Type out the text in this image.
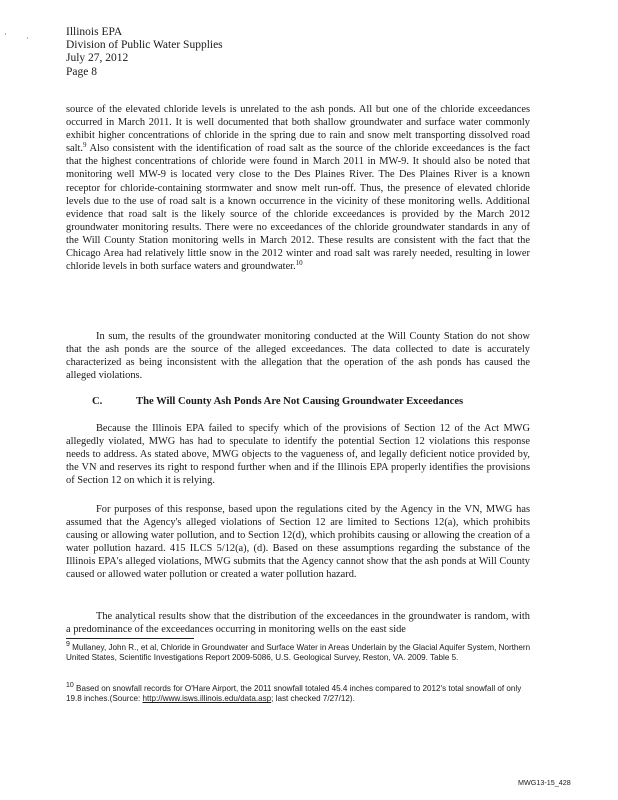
· ·
Illinois EPA
Division of Public Water Supplies
July 27, 2012
Page 8
source of the elevated chloride levels is unrelated to the ash ponds. All but one of the chloride exceedances occurred in March 2011. It is well documented that both shallow groundwater and surface water commonly exhibit higher concentrations of chloride in the spring due to rain and snow melt transporting dissolved road salt.$^9$ Also consistent with the identification of road salt as the source of the chloride exceedances is the fact that the highest concentrations of chloride were found in March 2011 in MW-9. It should also be noted that monitoring well MW-9 is located very close to the Des Plaines River. The Des Plaines River is a known receptor for chloride-containing stormwater and snow melt run-off. Thus, the presence of elevated chloride levels due to the use of road salt is a known occurrence in the vicinity of these monitoring wells. Additional evidence that road salt is the likely source of the chloride exceedances is provided by the March 2012 groundwater monitoring results. There were no exceedances of the chloride groundwater standards in any of the Will County Station monitoring wells in March 2012. These results are consistent with the fact that the Chicago Area had relatively little snow in the 2012 winter and road salt was rarely needed, resulting in lower chloride levels in both surface waters and groundwater.$^{10}$
In sum, the results of the groundwater monitoring conducted at the Will County Station do not show that the ash ponds are the source of the alleged exceedances. The data collected to date is accurately characterized as being inconsistent with the allegation that the operation of the ash ponds has caused the alleged violations.
C.	The Will County Ash Ponds Are Not Causing Groundwater Exceedances
Because the Illinois EPA failed to specify which of the provisions of Section 12 of the Act MWG allegedly violated, MWG has had to speculate to identify the potential Section 12 violations this response needs to address. As stated above, MWG objects to the vagueness of, and legally deficient notice provided by, the VN and reserves its right to respond further when and if the Illinois EPA properly identifies the provisions of Section 12 on which it is relying.
For purposes of this response, based upon the regulations cited by the Agency in the VN, MWG has assumed that the Agency's alleged violations of Section 12 are limited to Sections 12(a), which prohibits causing or allowing water pollution, and to Section 12(d), which prohibits causing or allowing the creation of a water pollution hazard. 415 ILCS 5/12(a), (d). Based on these assumptions regarding the substance of the Illinois EPA's alleged violations, MWG submits that the Agency cannot show that the ash ponds at Will County caused or allowed water pollution or created a water pollution hazard.
The analytical results show that the distribution of the exceedances in the groundwater is random, with a predominance of the exceedances occurring in monitoring wells on the east side
$^9$ Mullaney, John R., et al, Chloride in Groundwater and Surface Water in Areas Underlain by the Glacial Aquifer System, Northern United States, Scientific Investigations Report 2009-5086, U.S. Geological Survey, Reston, VA. 2009. Table 5.
$^{10}$ Based on snowfall records for O'Hare Airport, the 2011 snowfall totaled 45.4 inches compared to 2012's total snowfall of only 19.8 inches.(Source: http://www.isws.illinois.edu/data.asp; last checked 7/27/12).
MWG13-15_428
